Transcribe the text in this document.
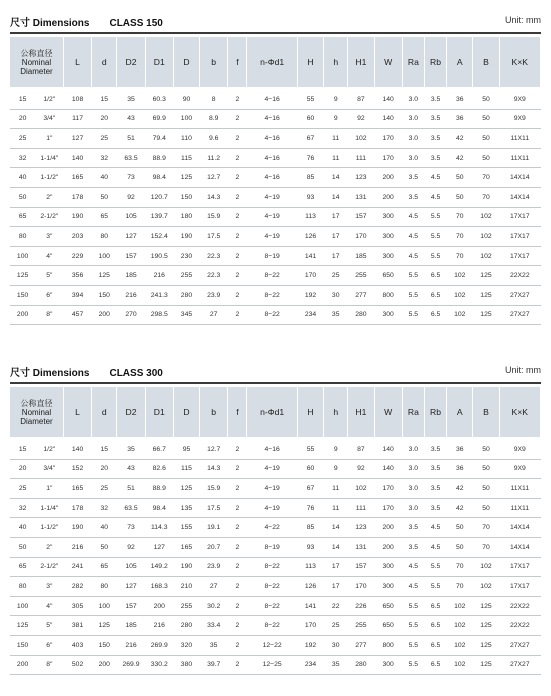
尺寸 Dimensions CLASS 150	Unit: mm
公称直径
Nominal
Diameter		L	d	D2	D1	D	b	f	n-Φd1	H	h	H1	W	Ra	Rb	A	B	K×K
15	1/2"	108	15	35	60.3	90	8	2	4−16	55	9	87	140	3.0	3.5	36	50	9X9
20	3/4"	117	20	43	69.9	100	8.9	2	4−16	60	9	92	140	3.0	3.5	36	50	9X9
25	1"	127	25	51	79.4	110	9.6	2	4−16	67	11	102	170	3.0	3.5	42	50	11X11
32	1-1/4"	140	32	63.5	88.9	115	11.2	2	4−16	76	11	111	170	3.0	3.5	42	50	11X11
40	1-1/2"	165	40	73	98.4	125	12.7	2	4−16	85	14	123	200	3.5	4.5	50	70	14X14
50	2"	178	50	92	120.7	150	14.3	2	4−19	93	14	131	200	3.5	4.5	50	70	14X14
65	2-1/2"	190	65	105	139.7	180	15.9	2	4−19	113	17	157	300	4.5	5.5	70	102	17X17
80	3"	203	80	127	152.4	190	17.5	2	4−19	126	17	170	300	4.5	5.5	70	102	17X17
100	4"	229	100	157	190.5	230	22.3	2	8−19	141	17	185	300	4.5	5.5	70	102	17X17
125	5"	356	125	185	216	255	22.3	2	8−22	170	25	255	650	5.5	6.5	102	125	22X22
150	6"	394	150	216	241.3	280	23.9	2	8−22	192	30	277	800	5.5	6.5	102	125	27X27
200	8"	457	200	270	298.5	345	27	2	8−22	234	35	280	300	5.5	6.5	102	125	27X27
尺寸 Dimensions CLASS 300	Unit: mm
公称直径
Nominal
Diameter		L	d	D2	D1	D	b	f	n-Φd1	H	h	H1	W	Ra	Rb	A	B	K×K
15	1/2"	140	15	35	66.7	95	12.7	2	4−16	55	9	87	140	3.0	3.5	36	50	9X9
20	3/4"	152	20	43	82.6	115	14.3	2	4−19	60	9	92	140	3.0	3.5	36	50	9X9
25	1"	165	25	51	88.9	125	15.9	2	4−19	67	11	102	170	3.0	3.5	42	50	11X11
32	1-1/4"	178	32	63.5	98.4	135	17.5	2	4−19	76	11	111	170	3.0	3.5	42	50	11X11
40	1-1/2"	190	40	73	114.3	155	19.1	2	4−22	85	14	123	200	3.5	4.5	50	70	14X14
50	2"	216	50	92	127	165	20.7	2	8−19	93	14	131	200	3.5	4.5	50	70	14X14
65	2-1/2"	241	65	105	149.2	190	23.9	2	8−22	113	17	157	300	4.5	5.5	70	102	17X17
80	3"	282	80	127	168.3	210	27	2	8−22	126	17	170	300	4.5	5.5	70	102	17X17
100	4"	305	100	157	200	255	30.2	2	8−22	141	22	226	650	5.5	6.5	102	125	22X22
125	5"	381	125	185	216	280	33.4	2	8−22	170	25	255	650	5.5	6.5	102	125	22X22
150	6"	403	150	216	269.9	320	35	2	12−22	192	30	277	800	5.5	6.5	102	125	27X27
200	8"	502	200	269.9	330.2	380	39.7	2	12−25	234	35	280	300	5.5	6.5	102	125	27X27
